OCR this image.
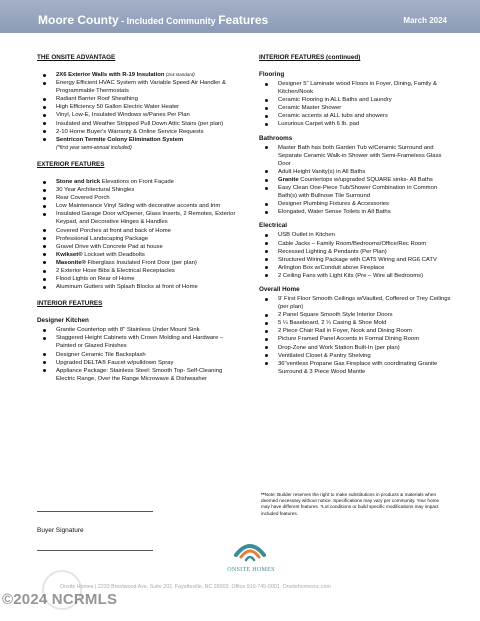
Moore County - Included Community Features	March 2024
THE ONSITE ADVANTAGE
2X6 Exterior Walls with R-19 Insulation (2x4 standard)
Energy Efficient HVAC System with Variable Speed Air Handler & Programmable Thermostats
Radiant Barrier Roof Sheathing
High Efficiency 50 Gallon Electric Water Heater
Vinyl, Low-E, Insulated Windows w/Panes Per Plan
Insulated and Weather Stripped Pull Down Attic Stairs (per plan)
2-10 Home Buyer's Warranty & Online Service Requests
Sentricon Termite Colony Elimination System
(*first year semi-annual included)
EXTERIOR FEATURES
Stone and brick Elevations on Front Façade
30 Year Architectural Shingles
Rear Covered Porch
Low Maintenance Vinyl Siding with decorative accents and trim
Insulated Garage Door w/Opener, Glass Inserts, 2 Remotes, Exterior Keypad, and Decorative Hinges & Handles
Covered Porches at front and back of Home
Professional Landscaping Package
Gravel Drive with Concrete Pad at house
Kwikset® Lockset with Deadbolts
Masonite® Fiberglass Insulated Front Door (per plan)
2 Exterior Hose Bibs & Electrical Receptacles
Flood Lights on Rear of Home
Aluminum Gutters with Splash Blocks at front of Home
INTERIOR FEATURES
Designer Kitchen
Granite Countertop with 8" Stainless Under Mount Sink
Staggered Height Cabinets with Crown Molding and Hardware – Painted or Glazed Finishes
Designer Ceramic Tile Backsplash
Upgraded DELTA® Faucet w/pulldown Spray
Appliance Package: Stainless Steel: Smooth Top- Self-Cleaning Electric Range, Over the Range Microwave & Dishwasher
INTERIOR FEATURES (continued)
Flooring
Designer 5" Laminate wood Floors in Foyer, Dining, Family & Kitchen/Nook
Ceramic Flooring in ALL Baths and Laundry
Ceramic Master Shower
Ceramic accents at ALL tubs and showers
Luxurious Carpet with 6 lb. pad
Bathrooms
Master Bath has both Garden Tub w/Ceramic Surround and Separate Ceramic Walk-in Shower with Semi-Frameless Glass Door
Adult Height Vanity(s) in All Baths
Granite Countertops w/upgraded SQUARE sinks- All Baths
Easy Clean One-Piece Tub/Shower Combination in Common Bath(s) with Bullnose Tile Surround
Designer Plumbing Fixtures & Accessories
Elongated, Water Sense Toilets in All Baths
Electrical
USB Outlet in Kitchen
Cable Jacks – Family Room/Bedrooms/Office/Rec Room
Recessed Lighting & Pendants (Per Plan)
Structured Wiring Package with CAT5 Wiring and RG6 CATV
Arlington Box w/Conduit above Fireplace
2 Ceiling Fans with Light Kits (Pre – Wire all Bedrooms)
Overall Home
9' First Floor Smooth Ceilings w/Vaulted, Coffered or Trey Ceilings (per plan)
2 Panel Square Smooth Style Interior Doors
5 ¼ Baseboard, 2 ¼ Casing & Shoe Mold
2 Piece Chair Rail in Foyer, Nook and Dining Room
Picture Framed Panel Accents in Formal Dining Room
Drop-Zone and Work Station Built-In (per plan)
Ventilated Closet & Pantry Shelving
36"ventless Propane Gas Fireplace with coordinating Granite Surround & 3 Piece Wood Mantle
**Note: Builder reserves the right to make substitutions in products & materials when deemed necessary without notice. Specifications may vary per community. Your home may have different features. *Lot conditions or build specific modifications may impact included features.
Buyer Signature
ONSITE HOMES
Onsite Homes | 2233 Brentwood Ave. Suite 202, Fayetteville, NC 28303. Office 910-745-0001. Onsitehomesnc.com
©2024 NCRMLS
